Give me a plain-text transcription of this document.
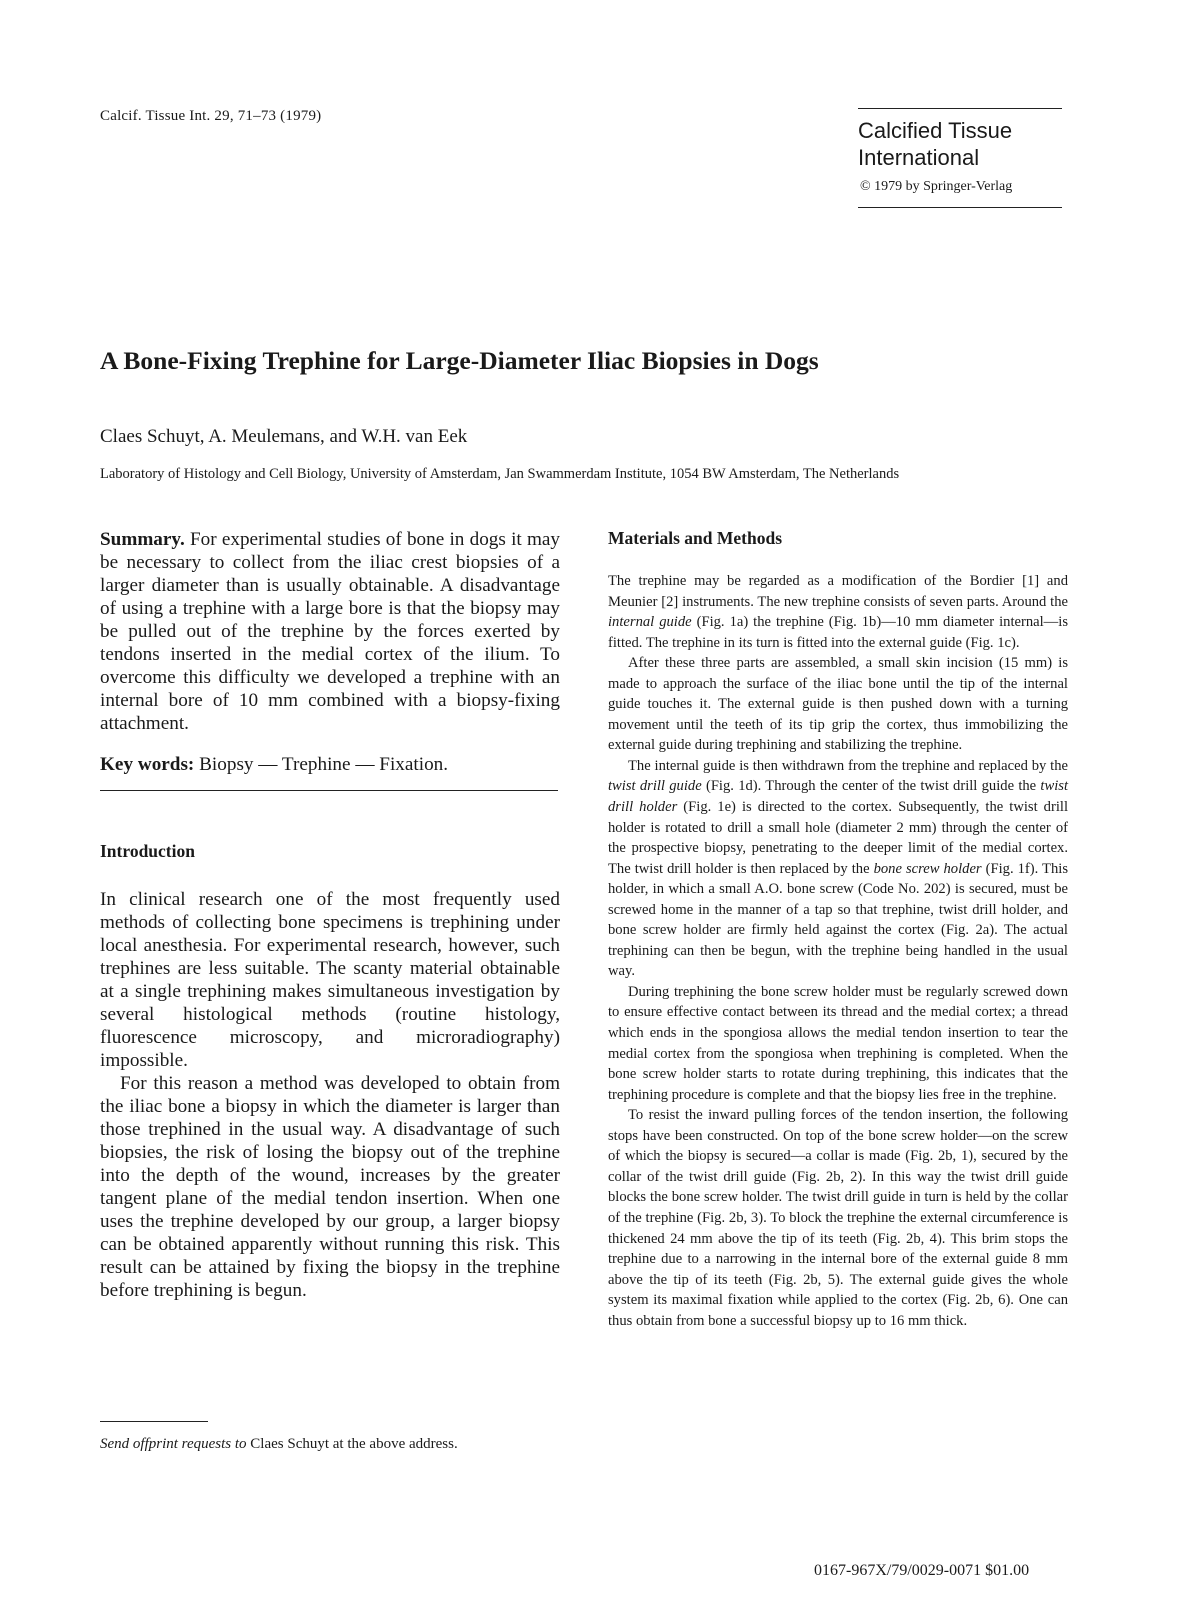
Calcif. Tissue Int. 29, 71–73 (1979)
Calcified Tissue
International
© 1979 by Springer-Verlag
A Bone-Fixing Trephine for Large-Diameter Iliac Biopsies in Dogs
Claes Schuyt, A. Meulemans, and W.H. van Eek
Laboratory of Histology and Cell Biology, University of Amsterdam, Jan Swammerdam Institute, 1054 BW Amsterdam, The Netherlands

Summary. For experimental studies of bone in dogs it may be necessary to collect from the iliac crest biopsies of a larger diameter than is usually obtainable. A disadvantage of using a trephine with a large bore is that the biopsy may be pulled out of the trephine by the forces exerted by tendons inserted in the medial cortex of the ilium. To overcome this difficulty we developed a trephine with an internal bore of 10 mm combined with a biopsy-fixing attachment.

Key words: Biopsy — Trephine — Fixation.

Introduction

In clinical research one of the most frequently used methods of collecting bone specimens is trephining under local anesthesia. For experimental research, however, such trephines are less suitable. The scanty material obtainable at a single trephining makes simultaneous investigation by several histological methods (routine histology, fluorescence microscopy, and microradiography) impossible.

For this reason a method was developed to obtain from the iliac bone a biopsy in which the diameter is larger than those trephined in the usual way. A disadvantage of such biopsies, the risk of losing the biopsy out of the trephine into the depth of the wound, increases by the greater tangent plane of the medial tendon insertion. When one uses the trephine developed by our group, a larger biopsy can be obtained apparently without running this risk. This result can be attained by fixing the biopsy in the trephine before trephining is begun.

Send offprint requests to Claes Schuyt at the above address.
Materials and Methods

The trephine may be regarded as a modification of the Bordier [1] and Meunier [2] instruments. The new trephine consists of seven parts. Around the internal guide (Fig. 1a) the trephine (Fig. 1b)—10 mm diameter internal—is fitted. The trephine in its turn is fitted into the external guide (Fig. 1c).

After these three parts are assembled, a small skin incision (15 mm) is made to approach the surface of the iliac bone until the tip of the internal guide touches it. The external guide is then pushed down with a turning movement until the teeth of its tip grip the cortex, thus immobilizing the external guide during trephining and stabilizing the trephine.

The internal guide is then withdrawn from the trephine and replaced by the twist drill guide (Fig. 1d). Through the center of the twist drill guide the twist drill holder (Fig. 1e) is directed to the cortex. Subsequently, the twist drill holder is rotated to drill a small hole (diameter 2 mm) through the center of the prospective biopsy, penetrating to the deeper limit of the medial cortex. The twist drill holder is then replaced by the bone screw holder (Fig. 1f). This holder, in which a small A.O. bone screw (Code No. 202) is secured, must be screwed home in the manner of a tap so that trephine, twist drill holder, and bone screw holder are firmly held against the cortex (Fig. 2a). The actual trephining can then be begun, with the trephine being handled in the usual way.

During trephining the bone screw holder must be regularly screwed down to ensure effective contact between its thread and the medial cortex; a thread which ends in the spongiosa allows the medial tendon insertion to tear the medial cortex from the spongiosa when trephining is completed. When the bone screw holder starts to rotate during trephining, this indicates that the trephining procedure is complete and that the biopsy lies free in the trephine.

To resist the inward pulling forces of the tendon insertion, the following stops have been constructed. On top of the bone screw holder—on the screw of which the biopsy is secured—a collar is made (Fig. 2b, 1), secured by the collar of the twist drill guide (Fig. 2b, 2). In this way the twist drill guide blocks the bone screw holder. The twist drill guide in turn is held by the collar of the trephine (Fig. 2b, 3). To block the trephine the external circumference is thickened 24 mm above the tip of its teeth (Fig. 2b, 4). This brim stops the trephine due to a narrowing in the internal bore of the external guide 8 mm above the tip of its teeth (Fig. 2b, 5). The external guide gives the whole system its maximal fixation while applied to the cortex (Fig. 2b, 6). One can thus obtain from bone a successful biopsy up to 16 mm thick.

0167-967X/79/0029-0071 $01.00
